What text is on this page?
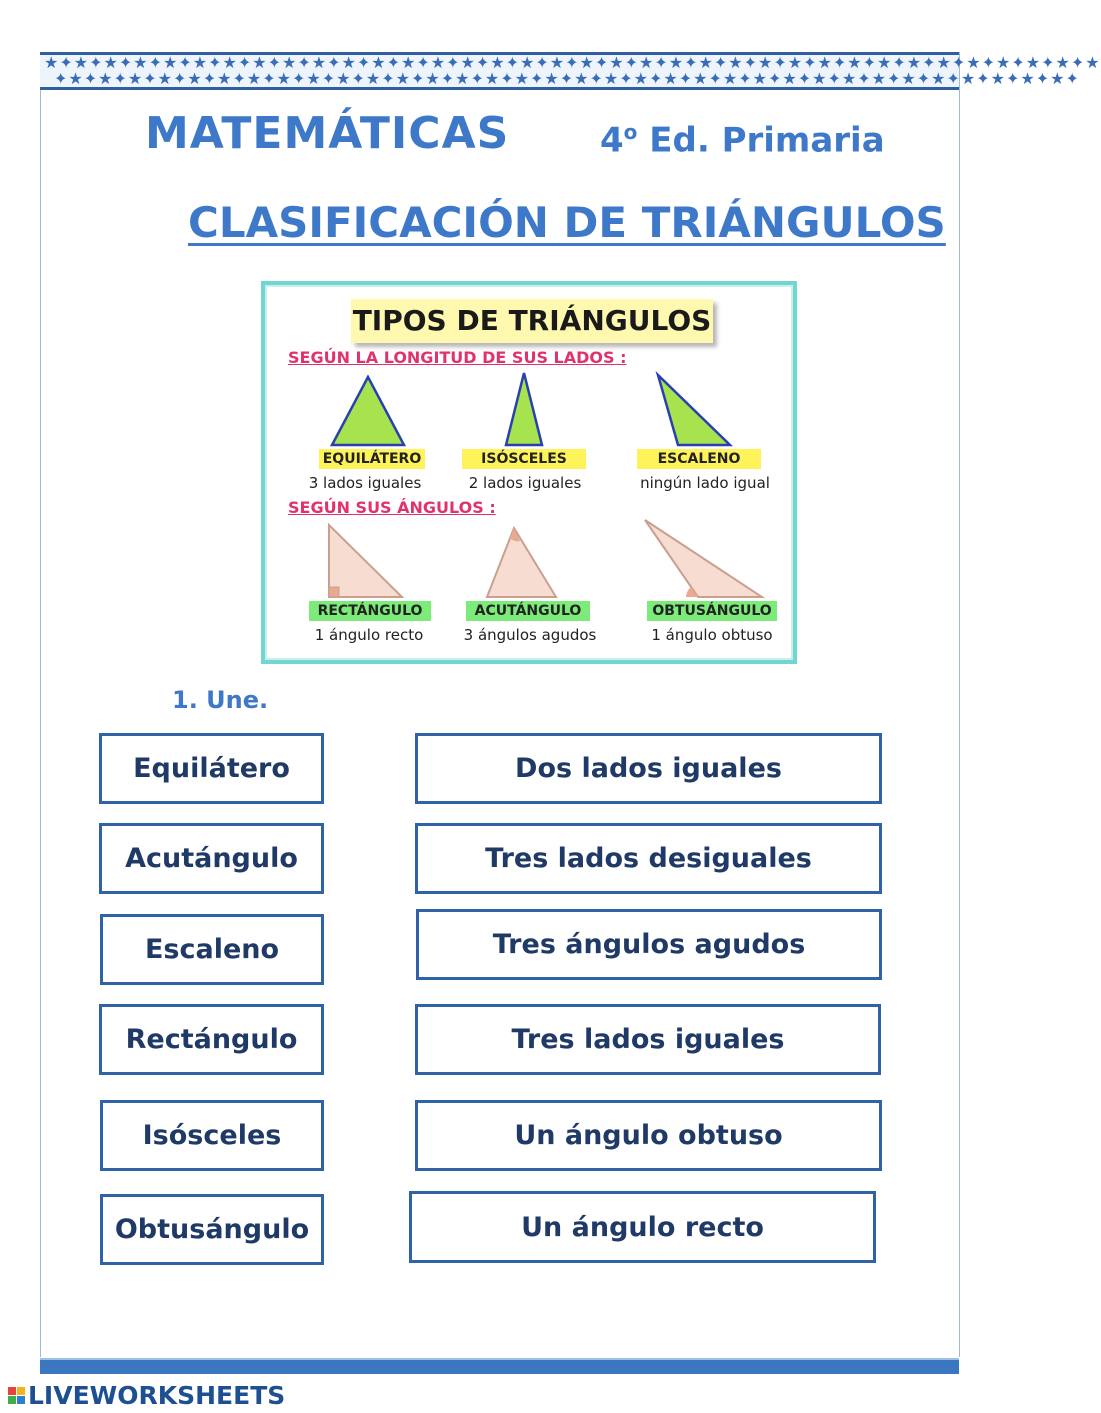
★✦★✦★✦★✦★✦★✦★✦★✦★✦★✦★✦★✦★✦★✦★✦★✦★✦★✦★✦★✦★✦★✦★✦★✦★✦★✦★✦★✦★✦★✦★✦★✦★✦★✦★✦★
✦★✦★✦★✦★✦★✦★✦★✦★✦★✦★✦★✦★✦★✦★✦★✦★✦★✦★✦★✦★✦★✦★✦★✦★✦★✦★✦★✦★✦★✦★✦★✦★✦★✦★✦
MATEMÁTICAS	4$^o$ Ed. Primaria
CLASIFICACIÓN DE TRIÁNGULOS
TIPOS DE TRIÁNGULOS
SEGÚN LA LONGITUD DE SUS LADOS :
EQUILÁTERO	ISÓSCELES	ESCALENO
3 lados iguales	2 lados iguales	ningún lado igual
SEGÚN SUS ÁNGULOS :
RECTÁNGULO	ACUTÁNGULO	OBTUSÁNGULO
1 ángulo recto	3 ángulos agudos	1 ángulo obtuso
1. Une.
Equilátero
Acutángulo
Escaleno
Rectángulo
Isósceles
Obtusángulo
Dos lados iguales
Tres lados desiguales
Tres ángulos agudos
Tres lados iguales
Un ángulo obtuso
Un ángulo recto
LIVEWORKSHEETS
